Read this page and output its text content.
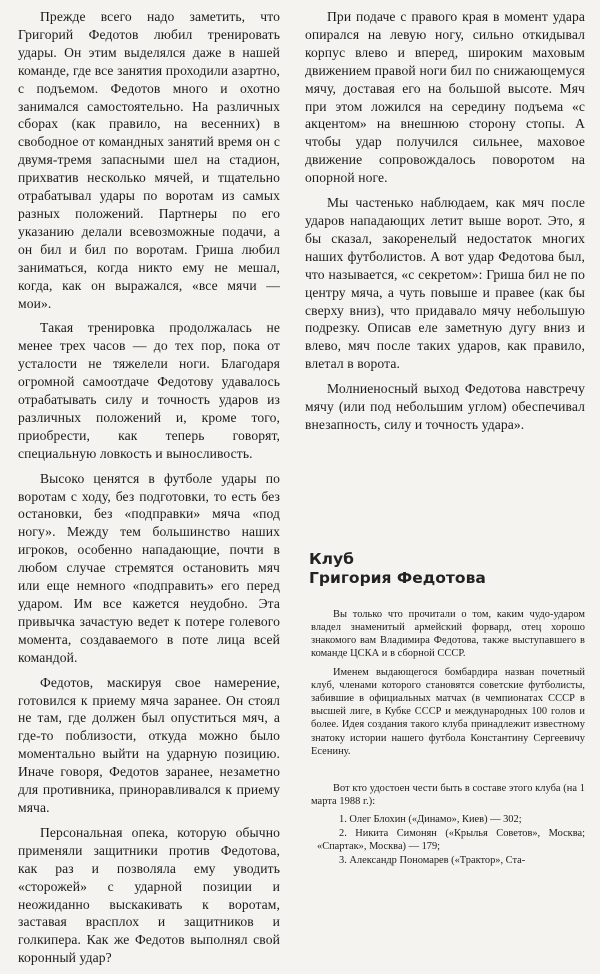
Прежде всего надо заметить, что Григорий Федотов любил тренировать удары. Он этим выделялся даже в нашей команде, где все занятия проходили азартно, с подъемом. Федотов много и охотно занимался самостоятельно. На различных сборах (как правило, на весенних) в свободное от командных занятий время он с двумя-тремя запасными шел на стадион, прихватив несколько мячей, и тщательно отрабатывал удары по воротам из самых разных положений. Партнеры по его указанию делали всевозможные подачи, а он бил и бил по воротам. Гриша любил заниматься, когда никто ему не мешал, когда, как он выражался, «все мячи — мои».

Такая тренировка продолжалась не менее трех часов — до тех пор, пока от усталости не тяжелели ноги. Благодаря огромной самоотдаче Федотову удавалось отрабатывать силу и точность ударов из различных положений и, кроме того, приобрести, как теперь говорят, специальную ловкость и выносливость.

Высоко ценятся в футболе удары по воротам с ходу, без подготовки, то есть без остановки, без «подправки» мяча «под ногу». Между тем большинство наших игроков, особенно нападающие, почти в любом случае стремятся остановить мяч или еще немного «подправить» его перед ударом. Им все кажется неудобно. Эта привычка зачастую ведет к потере голевого момента, создаваемого в поте лица всей командой.

Федотов, маскируя свое намерение, готовился к приему мяча заранее. Он стоял не там, где должен был опуститься мяч, а где-то поблизости, откуда можно было моментально выйти на ударную позицию. Иначе говоря, Федотов заранее, незаметно для противника, приноравливался к приему мяча.

Персональная опека, которую обычно применяли защитники против Федотова, как раз и позволяла ему уводить «сторожей» с ударной позиции и неожиданно выскакивать к воротам, заставая врасплох и защитников и голкипера. Как же Федотов выполнял свой коронный удар?

При подаче с правого края в момент удара опирался на левую ногу, сильно откидывал корпус влево и вперед, широким маховым движением правой ноги бил по снижающемуся мячу, доставая его на большой высоте. Мяч при этом ложился на середину подъема «с акцентом» на внешнюю сторону стопы. А чтобы удар получился сильнее, маховое движение сопровождалось поворотом на опорной ноге.

Мы частенько наблюдаем, как мяч после ударов нападающих летит выше ворот. Это, я бы сказал, закоренелый недостаток многих наших футболистов. А вот удар Федотова был, что называется, «с секретом»: Гриша бил не по центру мяча, а чуть повыше и правее (как бы сверху вниз), что придавало мячу небольшую подрезку. Описав еле заметную дугу вниз и влево, мяч после таких ударов, как правило, влетал в ворота.

Молниеносный выход Федотова навстречу мячу (или под небольшим углом) обеспечивал внезапность, силу и точность удара».

Клуб
Григория Федотова

Вы только что прочитали о том, каким чудо-ударом владел знаменитый армейский форвард, отец хорошо знакомого вам Владимира Федотова, также выступавшего в команде ЦСКА и в сборной СССР.

Именем выдающегося бомбардира назван почетный клуб, членами которого становятся советские футболисты, забившие в официальных матчах (в чемпионатах СССР в высшей лиге, в Кубке СССР и международных 100 голов и более. Идея создания такого клуба принадлежит известному знатоку истории нашего футбола Константину Сергеевичу Есенину.

Вот кто удостоен чести быть в составе этого клуба (на 1 марта 1988 г.):

1. Олег Блохин («Динамо», Киев) — 302;
2. Никита Симонян («Крылья Советов», Москва; «Спартак», Москва) — 179;
3. Александр Пономарев («Трактор», Ста-
